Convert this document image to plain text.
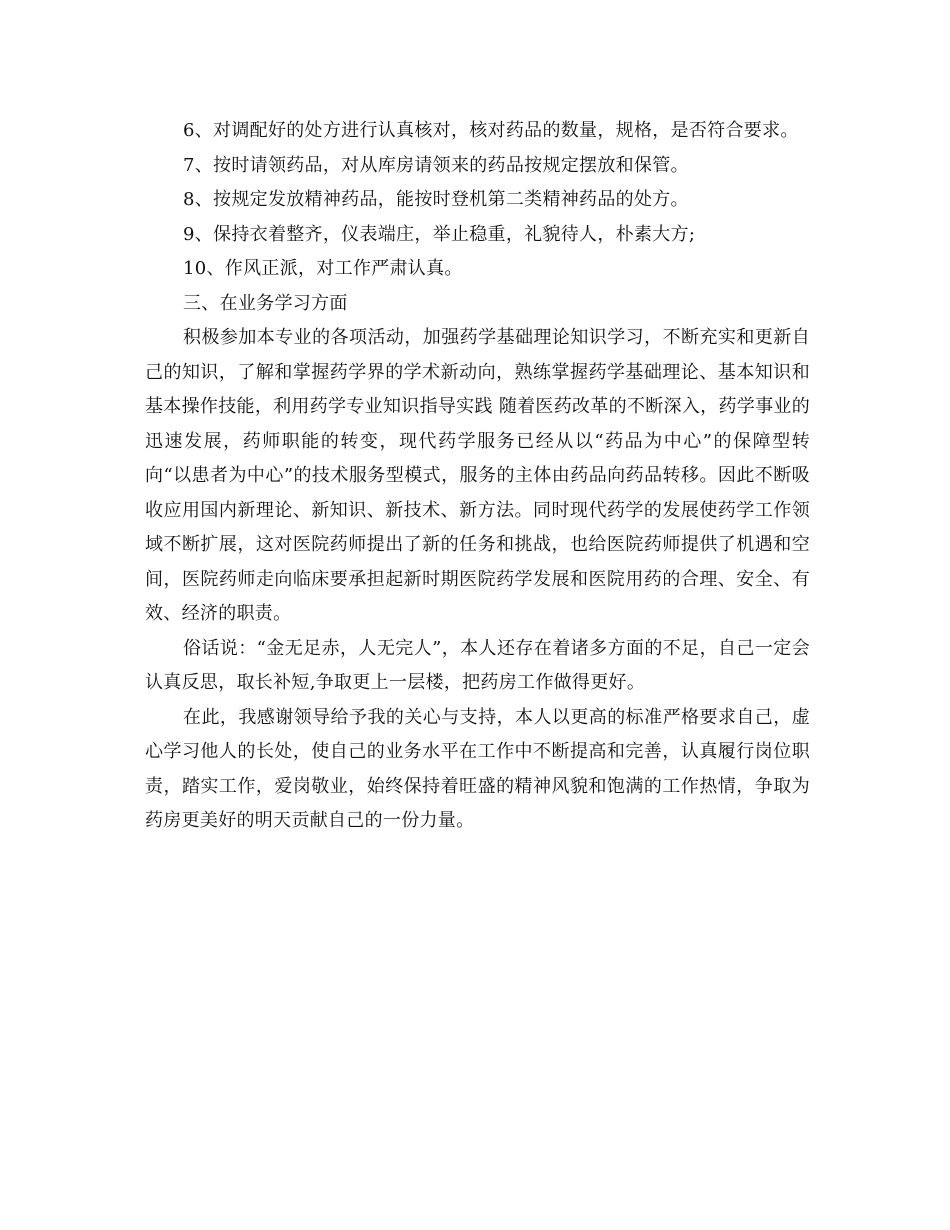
6、对调配好的处方进行认真核对，核对药品的数量，规格，是否符合要求。

7、按时请领药品，对从库房请领来的药品按规定摆放和保管。

8、按规定发放精神药品，能按时登机第二类精神药品的处方。

9、保持衣着整齐，仪表端庄，举止稳重，礼貌待人，朴素大方;

10、作风正派，对工作严肃认真。

三、在业务学习方面

积极参加本专业的各项活动，加强药学基础理论知识学习，不断充实和更新自己的知识，了解和掌握药学界的学术新动向，熟练掌握药学基础理论、基本知识和基本操作技能，利用药学专业知识指导实践 随着医药改革的不断深入，药学事业的迅速发展，药师职能的转变，现代药学服务已经从以“药品为中心”的保障型转向“以患者为中心”的技术服务型模式，服务的主体由药品向药品转移。因此不断吸收应用国内新理论、新知识、新技术、新方法。同时现代药学的发展使药学工作领域不断扩展，这对医院药师提出了新的任务和挑战，也给医院药师提供了机遇和空间，医院药师走向临床要承担起新时期医院药学发展和医院用药的合理、安全、有效、经济的职责。

俗话说：“金无足赤，人无完人”，本人还存在着诸多方面的不足，自己一定会认真反思，取长补短,争取更上一层楼，把药房工作做得更好。

在此，我感谢领导给予我的关心与支持，本人以更高的标准严格要求自己，虚心学习他人的长处，使自己的业务水平在工作中不断提高和完善，认真履行岗位职责，踏实工作，爱岗敬业，始终保持着旺盛的精神风貌和饱满的工作热情，争取为药房更美好的明天贡献自己的一份力量。
